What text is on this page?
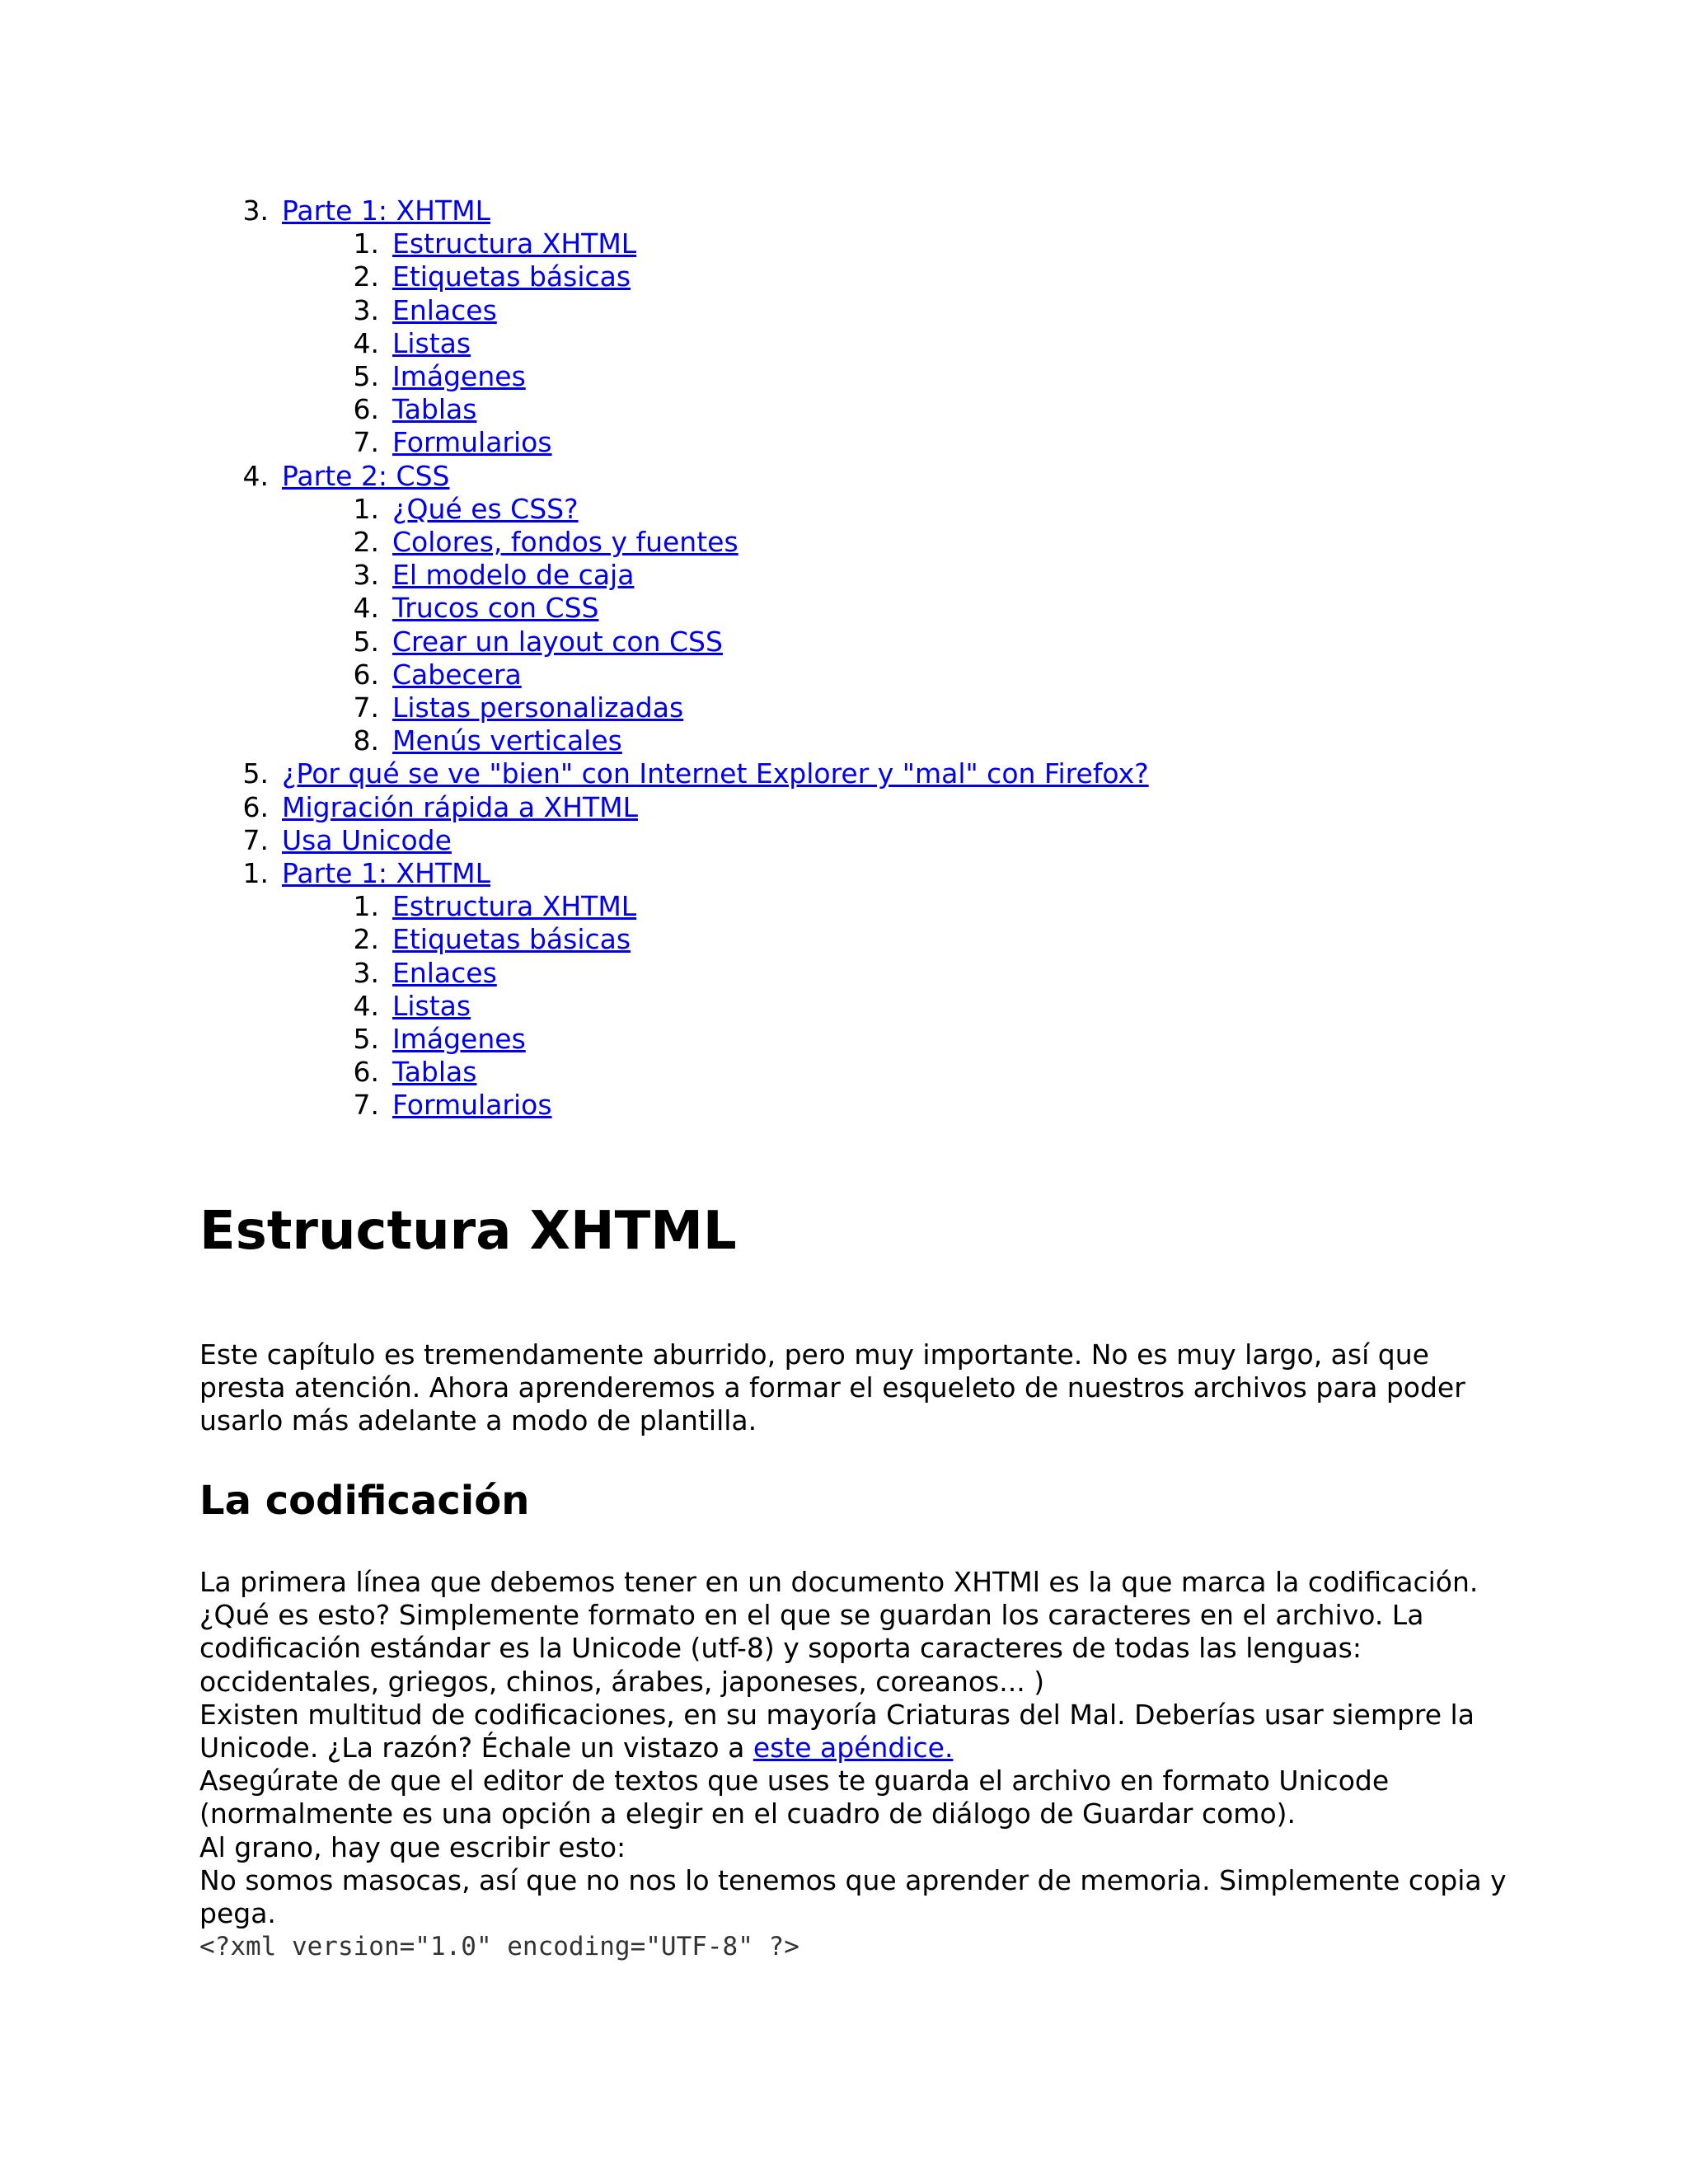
3. Parte 1: XHTML
1. Estructura XHTML
2. Etiquetas básicas
3. Enlaces
4. Listas
5. Imágenes
6. Tablas
7. Formularios
4. Parte 2: CSS
1. ¿Qué es CSS?
2. Colores, fondos y fuentes
3. El modelo de caja
4. Trucos con CSS
5. Crear un layout con CSS
6. Cabecera
7. Listas personalizadas
8. Menús verticales
5. ¿Por qué se ve "bien" con Internet Explorer y "mal" con Firefox?
6. Migración rápida a XHTML
7. Usa Unicode
1. Parte 1: XHTML
1. Estructura XHTML
2. Etiquetas básicas
3. Enlaces
4. Listas
5. Imágenes
6. Tablas
7. Formularios
Estructura XHTML

Este capítulo es tremendamente aburrido, pero muy importante. No es muy largo, así que presta atención. Ahora aprenderemos a formar el esqueleto de nuestros archivos para poder usarlo más adelante a modo de plantilla.

La codificación

La primera línea que debemos tener en un documento XHTMl es la que marca la codificación. ¿Qué es esto? Simplemente formato en el que se guardan los caracteres en el archivo. La codificación estándar es la Unicode (utf-8) y soporta caracteres de todas las lenguas: occidentales, griegos, chinos, árabes, japoneses, coreanos... )

Existen multitud de codificaciones, en su mayoría Criaturas del Mal. Deberías usar siempre la Unicode. ¿La razón? Échale un vistazo a este apéndice.

Asegúrate de que el editor de textos que uses te guarda el archivo en formato Unicode (normalmente es una opción a elegir en el cuadro de diálogo de Guardar como).

Al grano, hay que escribir esto:

No somos masocas, así que no nos lo tenemos que aprender de memoria. Simplemente copia y pega.

<?xml version="1.0" encoding="UTF-8" ?>
